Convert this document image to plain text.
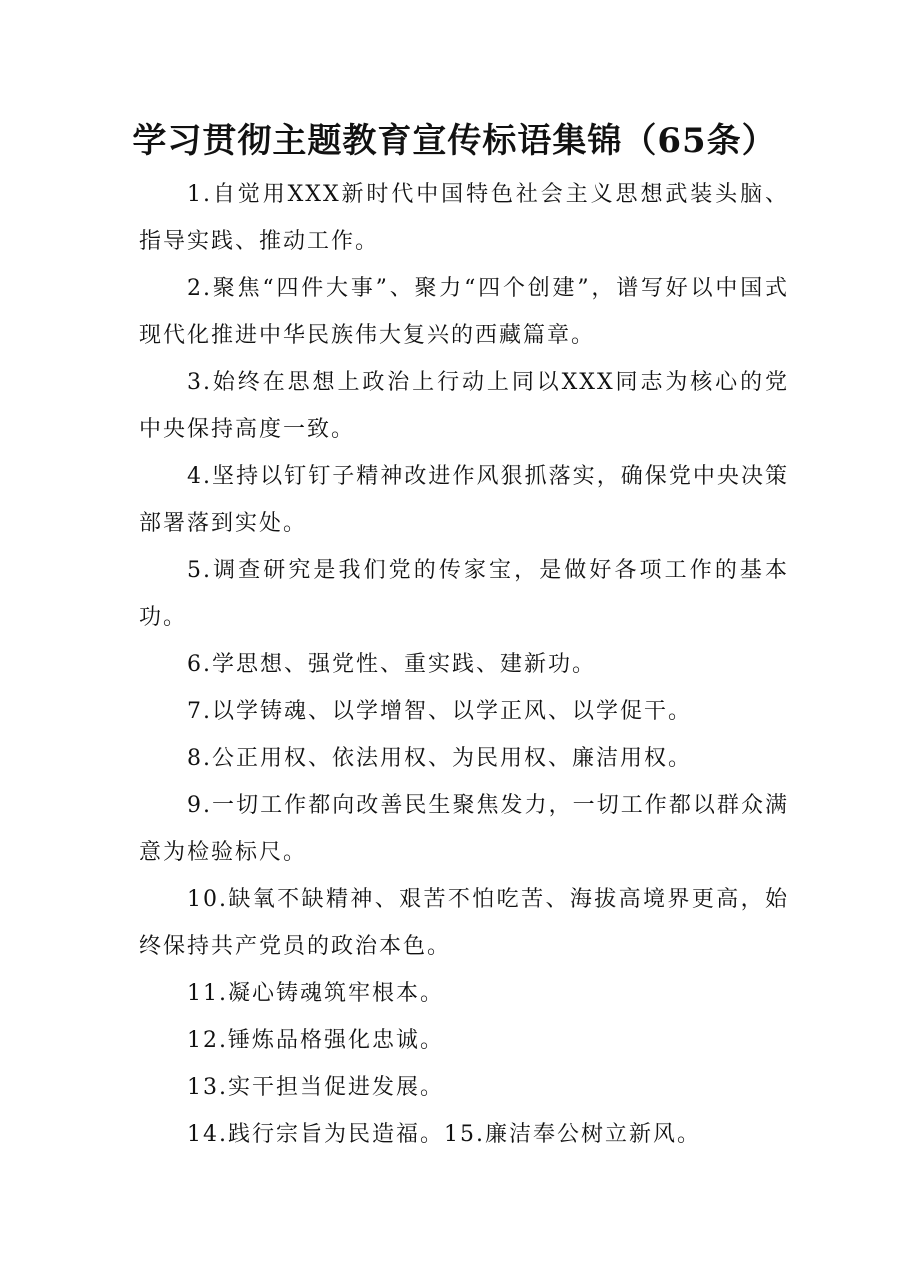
学习贯彻主题教育宣传标语集锦（65条）

1.自觉用XXX新时代中国特色社会主义思想武装头脑、指导实践、推动工作。

2.聚焦“四件大事”、聚力“四个创建”，谱写好以中国式现代化推进中华民族伟大复兴的西藏篇章。

3.始终在思想上政治上行动上同以XXX同志为核心的党中央保持高度一致。

4.坚持以钉钉子精神改进作风狠抓落实，确保党中央决策部署落到实处。

5.调查研究是我们党的传家宝，是做好各项工作的基本功。

6.学思想、强党性、重实践、建新功。

7.以学铸魂、以学增智、以学正风、以学促干。

8.公正用权、依法用权、为民用权、廉洁用权。

9.一切工作都向改善民生聚焦发力，一切工作都以群众满意为检验标尺。

10.缺氧不缺精神、艰苦不怕吃苦、海拔高境界更高，始终保持共产党员的政治本色。

11.凝心铸魂筑牢根本。

12.锤炼品格强化忠诚。

13.实干担当促进发展。

14.践行宗旨为民造福。15.廉洁奉公树立新风。
